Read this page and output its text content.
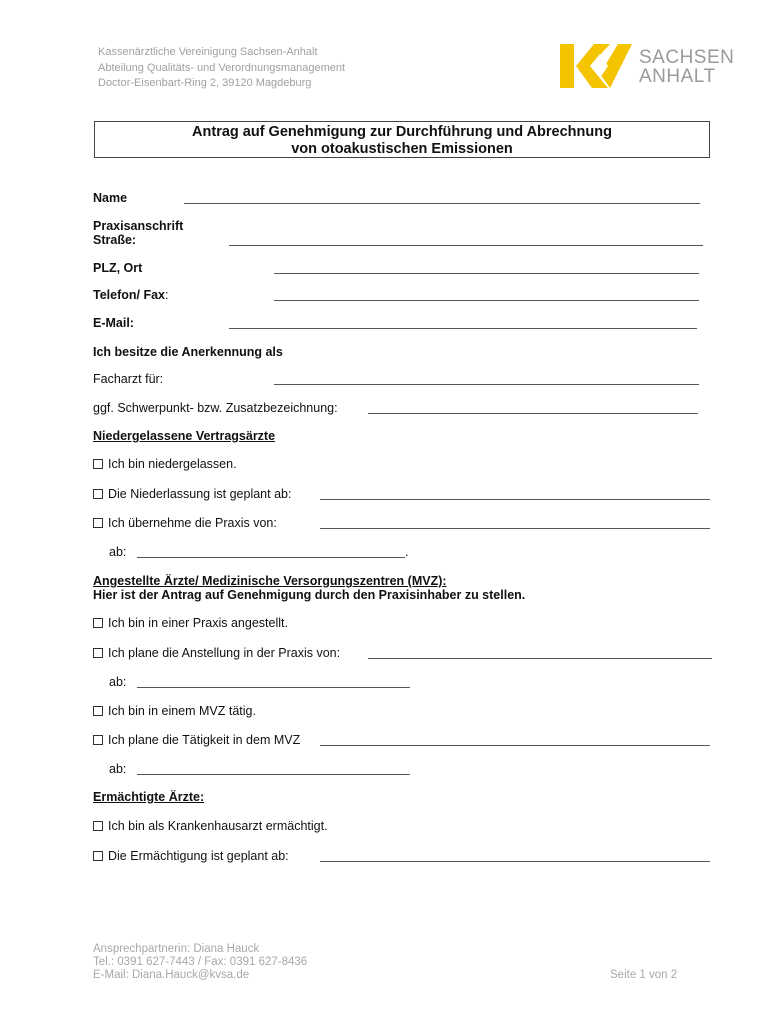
Kassenärztliche Vereinigung Sachsen-Anhalt
Abteilung Qualitäts- und Verordnungsmanagement
Doctor-Eisenbart-Ring 2, 39120 Magdeburg
SACHSEN
ANHALT
Antrag auf Genehmigung zur Durchführung und Abrechnung
von otoakustischen Emissionen
Name
Praxisanschrift
Straße:
PLZ, Ort
Telefon/ Fax:
E-Mail:
Ich besitze die Anerkennung als
Facharzt für:
ggf. Schwerpunkt- bzw. Zusatzbezeichnung:
Niedergelassene Vertragsärzte
Ich bin niedergelassen.
Die Niederlassung ist geplant ab:
Ich übernehme die Praxis von:
ab:	.
Angestellte Ärzte/ Medizinische Versorgungszentren (MVZ):
Hier ist der Antrag auf Genehmigung durch den Praxisinhaber zu stellen.
Ich bin in einer Praxis angestellt.
Ich plane die Anstellung in der Praxis von:
ab:
Ich bin in einem MVZ tätig.
Ich plane die Tätigkeit in dem MVZ
ab:
Ermächtigte Ärzte:
Ich bin als Krankenhausarzt ermächtigt.
Die Ermächtigung ist geplant ab:
Ansprechpartnerin: Diana Hauck
Tel.: 0391 627-7443 / Fax: 0391 627-8436
E-Mail: Diana.Hauck@kvsa.de	Seite 1 von 2
